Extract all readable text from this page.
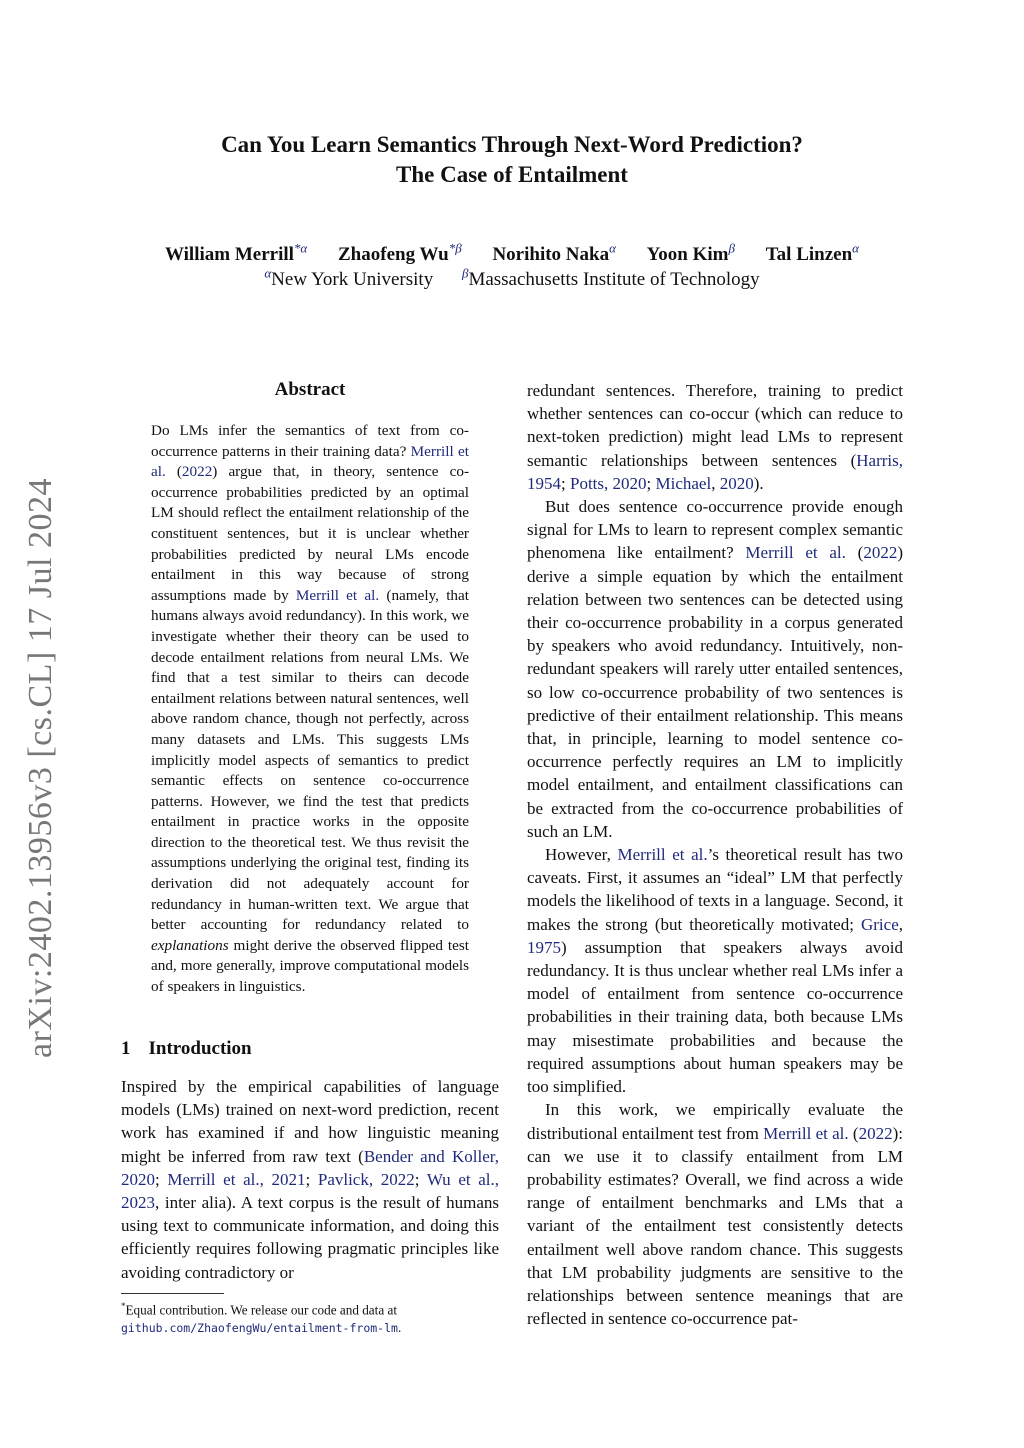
Can You Learn Semantics Through Next-Word Prediction?
The Case of Entailment
William Merrill$^{*\alpha}$ Zhaofeng $Wu^{*\beta}$ Norihito Naka$^\alpha$ Yoon Kim$^\beta$ Tal Linzen$^\alpha$
$^\alpha$New York University $^\beta$Massachusetts Institute of Technology
arXiv:2402.13956v3 [cs.CL] 17 Jul 2024
Abstract
Do LMs infer the semantics of text from co-occurrence patterns in their training data? Merrill et al. (2022) argue that, in theory, sentence co-occurrence probabilities predicted by an optimal LM should reflect the entailment relationship of the constituent sentences, but it is unclear whether probabilities predicted by neural LMs encode entailment in this way because of strong assumptions made by Merrill et al. (namely, that humans always avoid redundancy). In this work, we investigate whether their theory can be used to decode entailment relations from neural LMs. We find that a test similar to theirs can decode entailment relations between natural sentences, well above random chance, though not perfectly, across many datasets and LMs. This suggests LMs implicitly model aspects of semantics to predict semantic effects on sentence co-occurrence patterns. However, we find the test that predicts entailment in practice works in the opposite direction to the theoretical test. We thus revisit the assumptions underlying the original test, finding its derivation did not adequately account for redundancy in human-written text. We argue that better accounting for redundancy related to explanations might derive the observed flipped test and, more generally, improve computational models of speakers in linguistics.
1 Introduction

Inspired by the empirical capabilities of language models (LMs) trained on next-word prediction, recent work has examined if and how linguistic meaning might be inferred from raw text (Bender and Koller, 2020; Merrill et al., 2021; Pavlick, 2022; Wu et al., 2023, inter alia). A text corpus is the result of humans using text to communicate information, and doing this efficiently requires following pragmatic principles like avoiding contradictory or

redundant sentences. Therefore, training to predict whether sentences can co-occur (which can reduce to next-token prediction) might lead LMs to represent semantic relationships between sentences (Harris, 1954; Potts, 2020; Michael, 2020).

But does sentence co-occurrence provide enough signal for LMs to learn to represent complex semantic phenomena like entailment? Merrill et al. (2022) derive a simple equation by which the entailment relation between two sentences can be detected using their co-occurrence probability in a corpus generated by speakers who avoid redundancy. Intuitively, non-redundant speakers will rarely utter entailed sentences, so low co-occurrence probability of two sentences is predictive of their entailment relationship. This means that, in principle, learning to model sentence co-occurrence perfectly requires an LM to implicitly model entailment, and entailment classifications can be extracted from the co-occurrence probabilities of such an LM.

However, Merrill et al.’s theoretical result has two caveats. First, it assumes an “ideal” LM that perfectly models the likelihood of texts in a language. Second, it makes the strong (but theoretically motivated; Grice, 1975) assumption that speakers always avoid redundancy. It is thus unclear whether real LMs infer a model of entailment from sentence co-occurrence probabilities in their training data, both because LMs may misestimate probabilities and because the required assumptions about human speakers may be too simplified.

In this work, we empirically evaluate the distributional entailment test from Merrill et al. (2022): can we use it to classify entailment from LM probability estimates? Overall, we find across a wide range of entailment benchmarks and LMs that a variant of the entailment test consistently detects entailment well above random chance. This suggests that LM probability judgments are sensitive to the relationships between sentence meanings that are reflected in sentence co-occurrence pat-

*Equal contribution. We release our code and data at
github.com/ZhaofengWu/entailment-from-lm.
